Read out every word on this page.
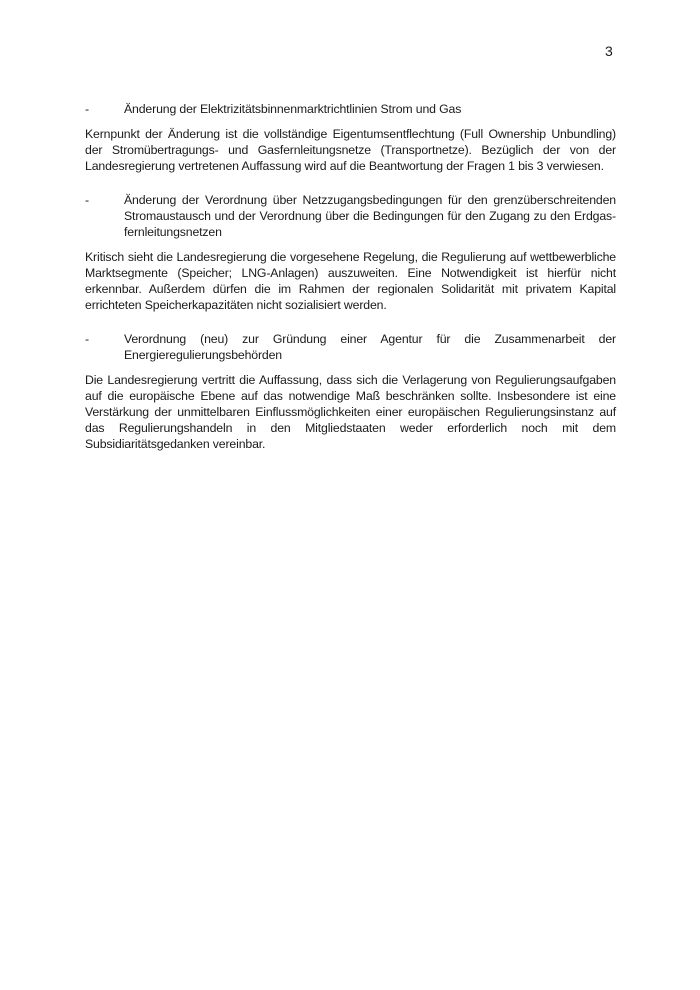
3
-	Änderung der Elektrizitätsbinnenmarktrichtlinien Strom und Gas

Kernpunkt der Änderung ist die vollständige Eigentumsentflechtung (Full Ownership Unbundling) der Stromübertragungs- und Gasfernleitungsnetze (Transportnetze). Bezüglich der von der Landesregierung vertretenen Auffassung wird auf die Beantwortung der Fragen 1 bis 3 verwiesen.

-	Änderung der Verordnung über Netzzugangsbedingungen für den grenzüberschreitenden Stromaustausch und der Verordnung über die Bedingungen für den Zugang zu den Erdgas-fernleitungsnetzen

Kritisch sieht die Landesregierung die vorgesehene Regelung, die Regulierung auf wettbewerbliche Marktsegmente (Speicher; LNG-Anlagen) auszuweiten. Eine Notwendigkeit ist hierfür nicht erkennbar. Außerdem dürfen die im Rahmen der regionalen Solidarität mit privatem Kapital errichteten Speicherkapazitäten nicht sozialisiert werden.

-	Verordnung (neu) zur Gründung einer Agentur für die Zusammenarbeit der Energieregulierungsbehörden

Die Landesregierung vertritt die Auffassung, dass sich die Verlagerung von Regulierungsaufgaben auf die europäische Ebene auf das notwendige Maß beschränken sollte. Insbesondere ist eine Verstärkung der unmittelbaren Einflussmöglichkeiten einer europäischen Regulierungsinstanz auf das Regulierungshandeln in den Mitgliedstaaten weder erforderlich noch mit dem Subsidiaritätsgedanken vereinbar.
